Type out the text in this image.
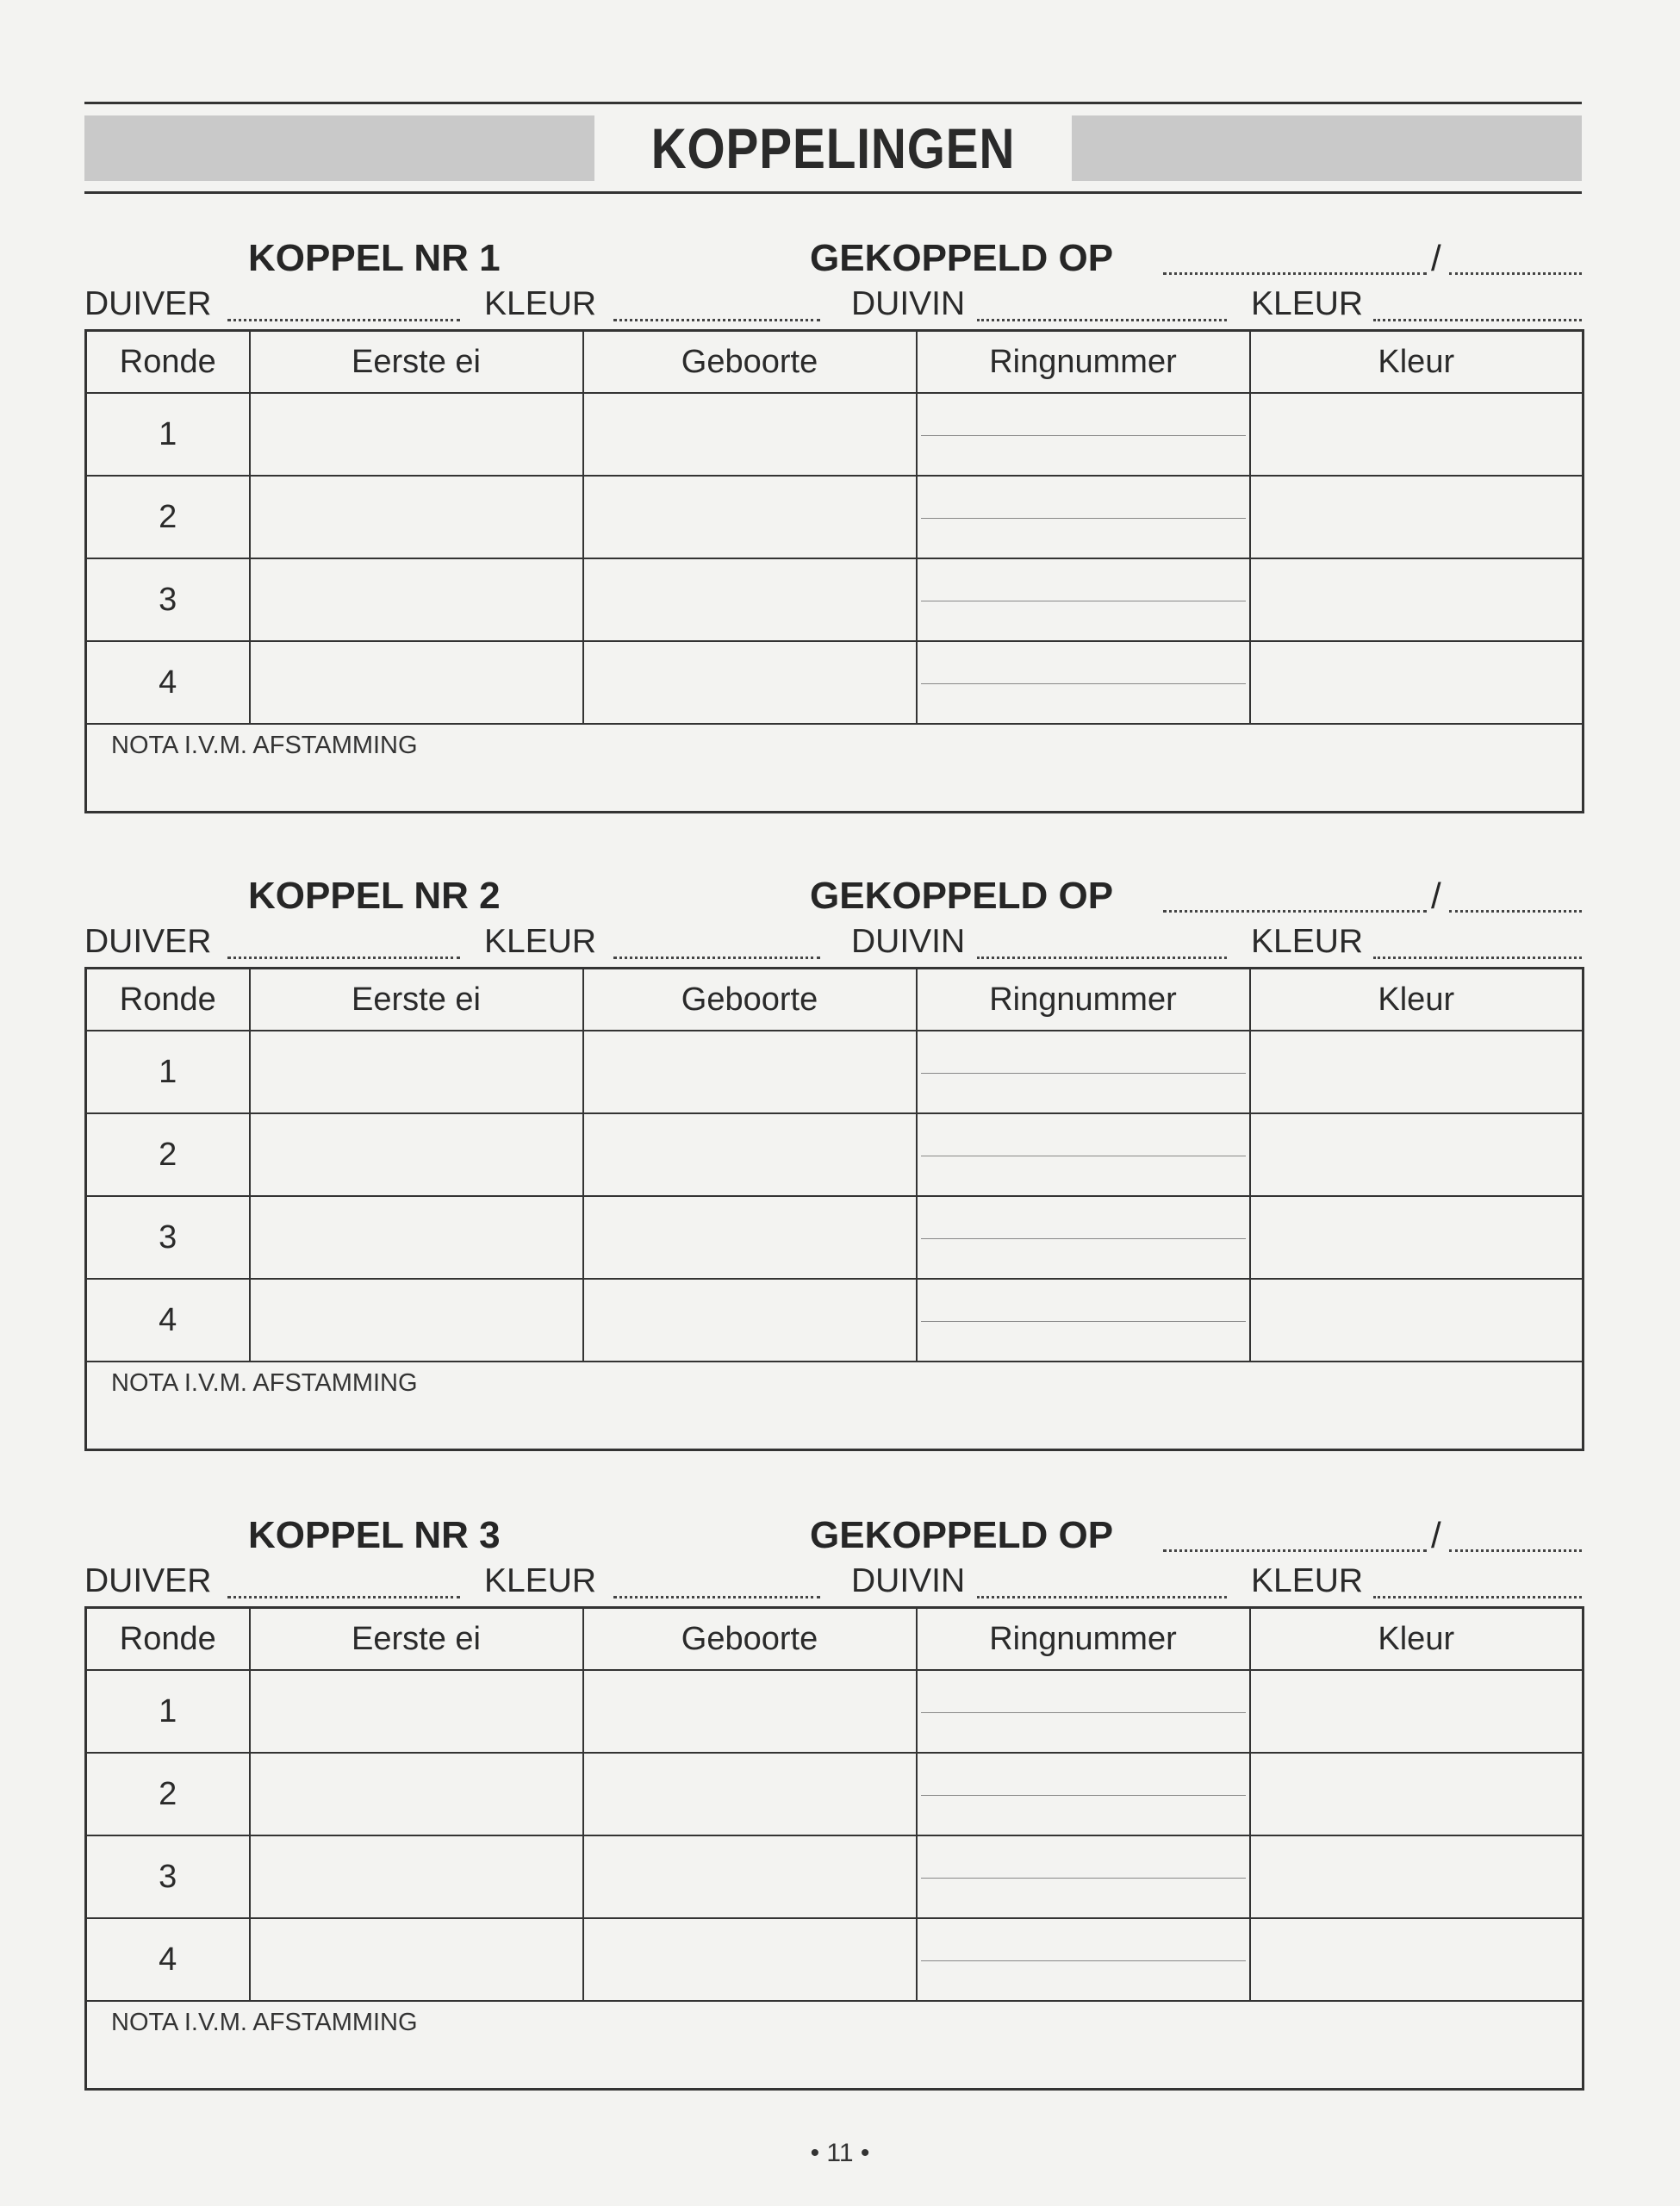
KOPPELINGEN
KOPPEL NR 1	GEKOPPELD OP	/
DUIVER	KLEUR	DUIVIN	KLEUR
Ronde	Eerste ei	Geboorte	Ringnummer	Kleur
1			

2			

3			

4			

NOTA I.V.M. AFSTAMMING				
KOPPEL NR 2	GEKOPPELD OP	/
DUIVER	KLEUR	DUIVIN	KLEUR
Ronde	Eerste ei	Geboorte	Ringnummer	Kleur
1			

2			

3			

4			

NOTA I.V.M. AFSTAMMING				
KOPPEL NR 3	GEKOPPELD OP	/
DUIVER	KLEUR	DUIVIN	KLEUR
Ronde	Eerste ei	Geboorte	Ringnummer	Kleur
1			

2			

3			

4			

NOTA I.V.M. AFSTAMMING				
• 11 •
